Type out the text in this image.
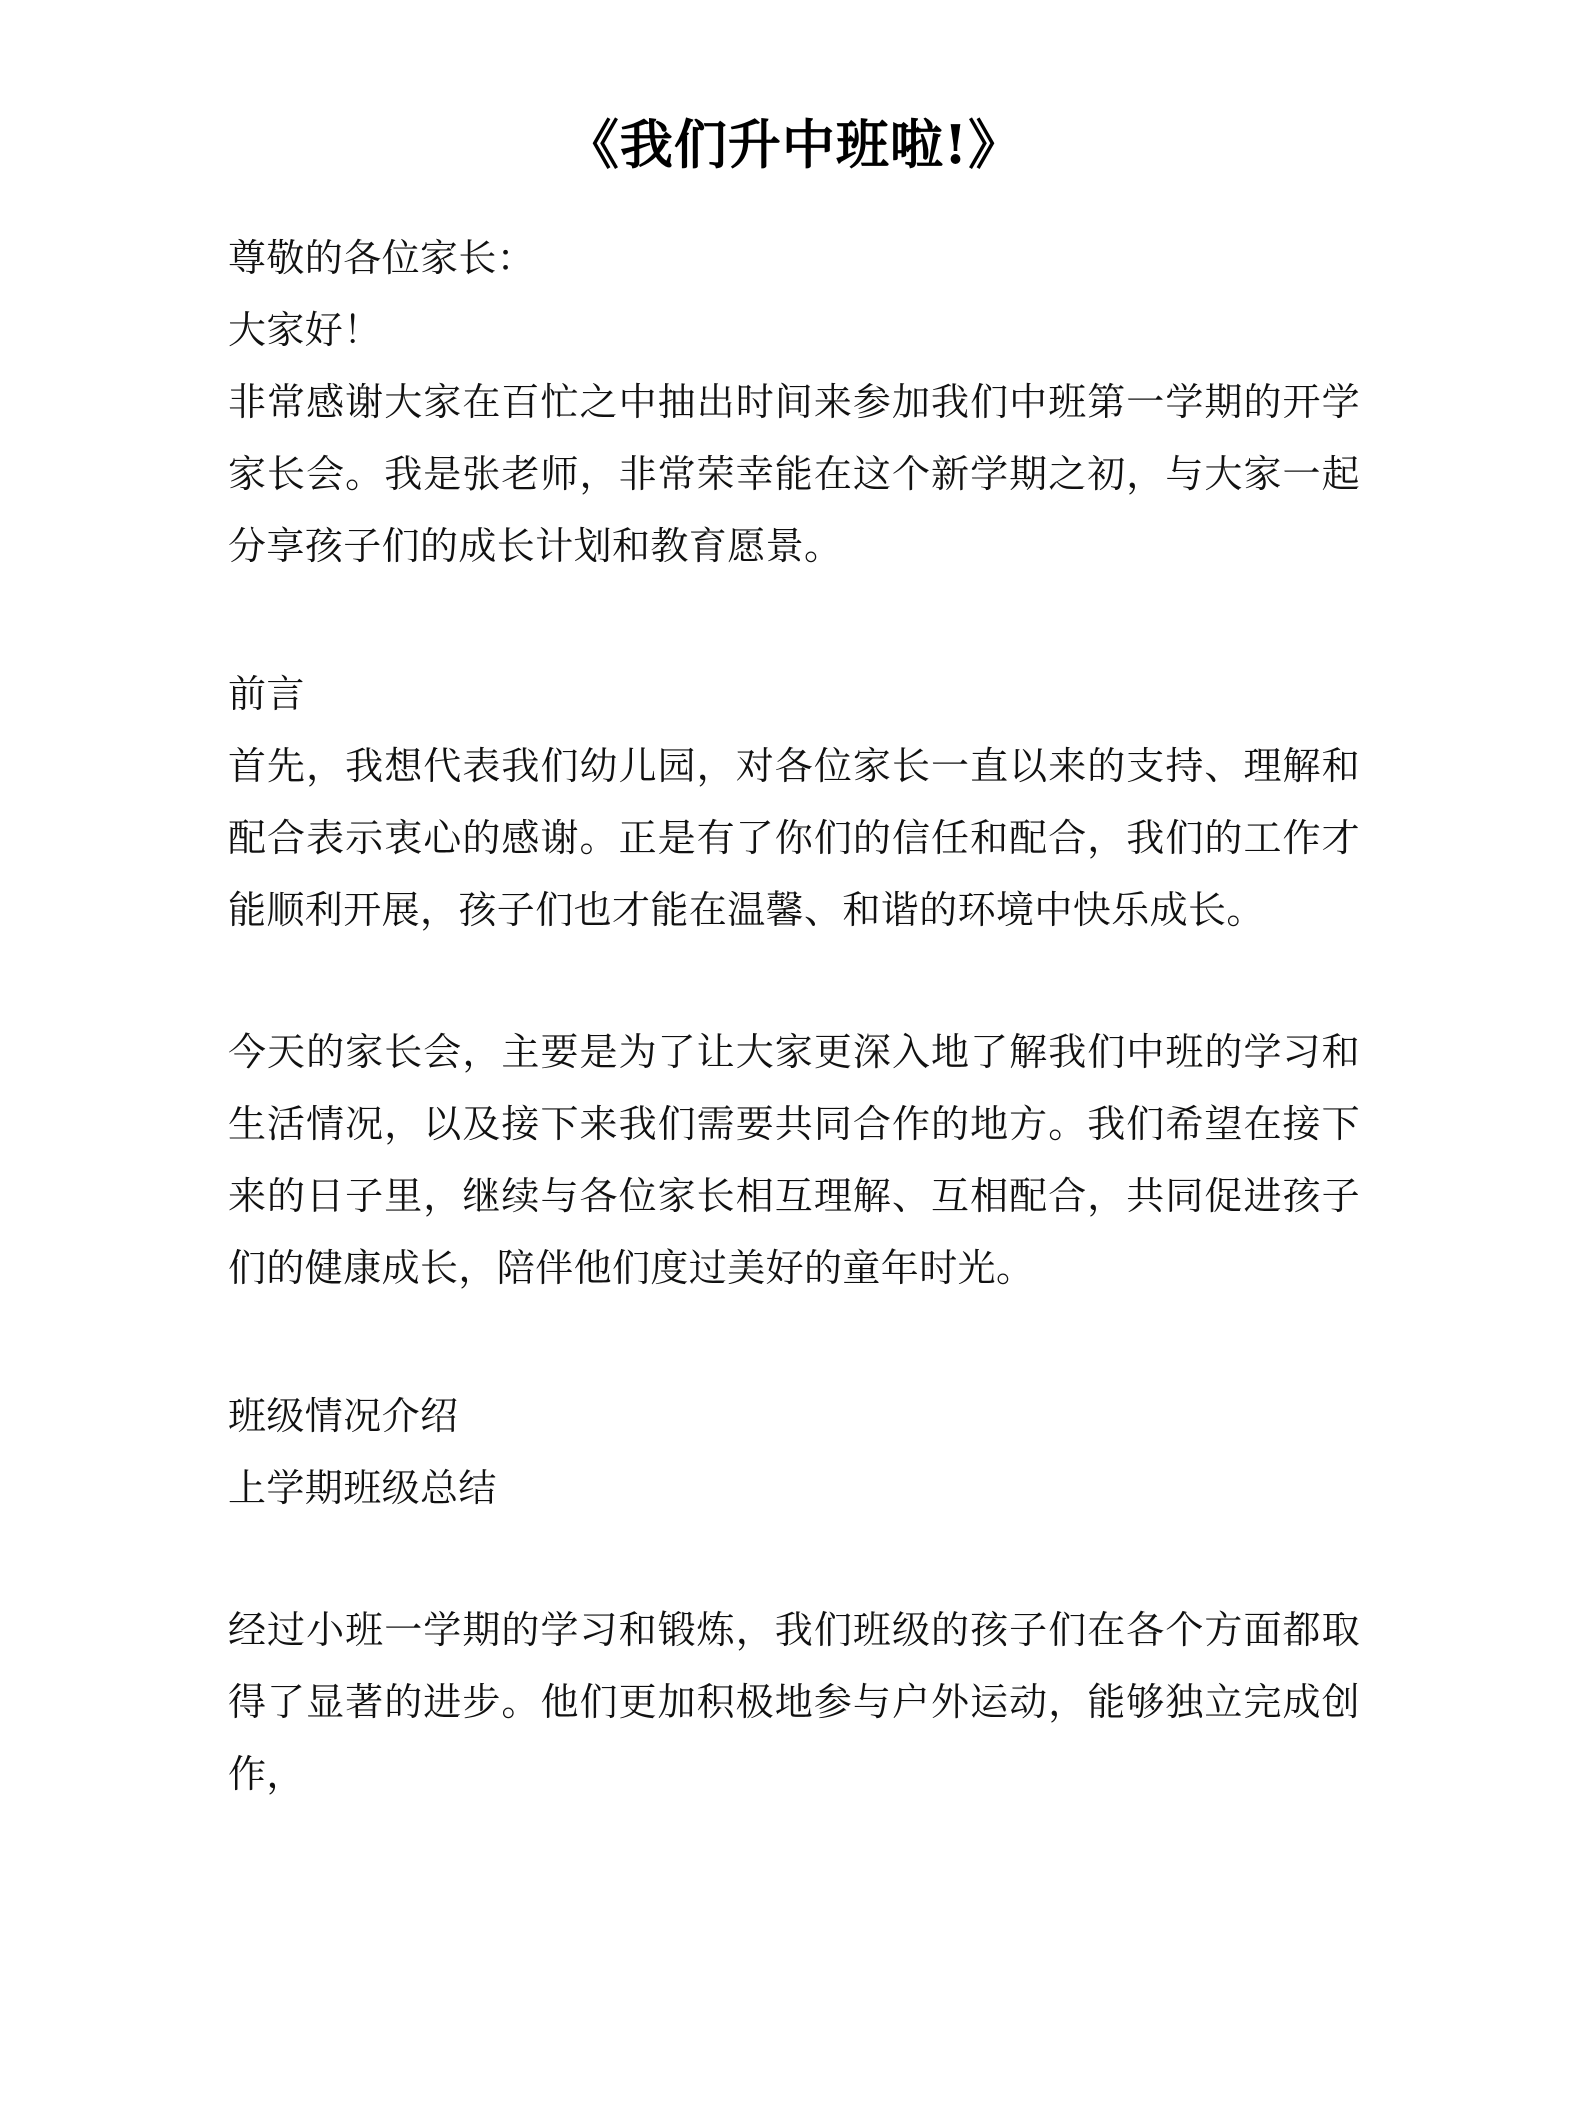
《我们升中班啦!》

尊敬的各位家长：

大家好！

非常感谢大家在百忙之中抽出时间来参加我们中班第一学期的开学家长会。我是张老师，非常荣幸能在这个新学期之初，与大家一起分享孩子们的成长计划和教育愿景。

前言

首先，我想代表我们幼儿园，对各位家长一直以来的支持、理解和配合表示衷心的感谢。正是有了你们的信任和配合，我们的工作才能顺利开展，孩子们也才能在温馨、和谐的环境中快乐成长。

今天的家长会，主要是为了让大家更深入地了解我们中班的学习和生活情况，以及接下来我们需要共同合作的地方。我们希望在接下来的日子里，继续与各位家长相互理解、互相配合，共同促进孩子们的健康成长，陪伴他们度过美好的童年时光。

班级情况介绍
上学期班级总结

经过小班一学期的学习和锻炼，我们班级的孩子们在各个方面都取得了显著的进步。他们更加积极地参与户外运动，能够独立完成创作，
